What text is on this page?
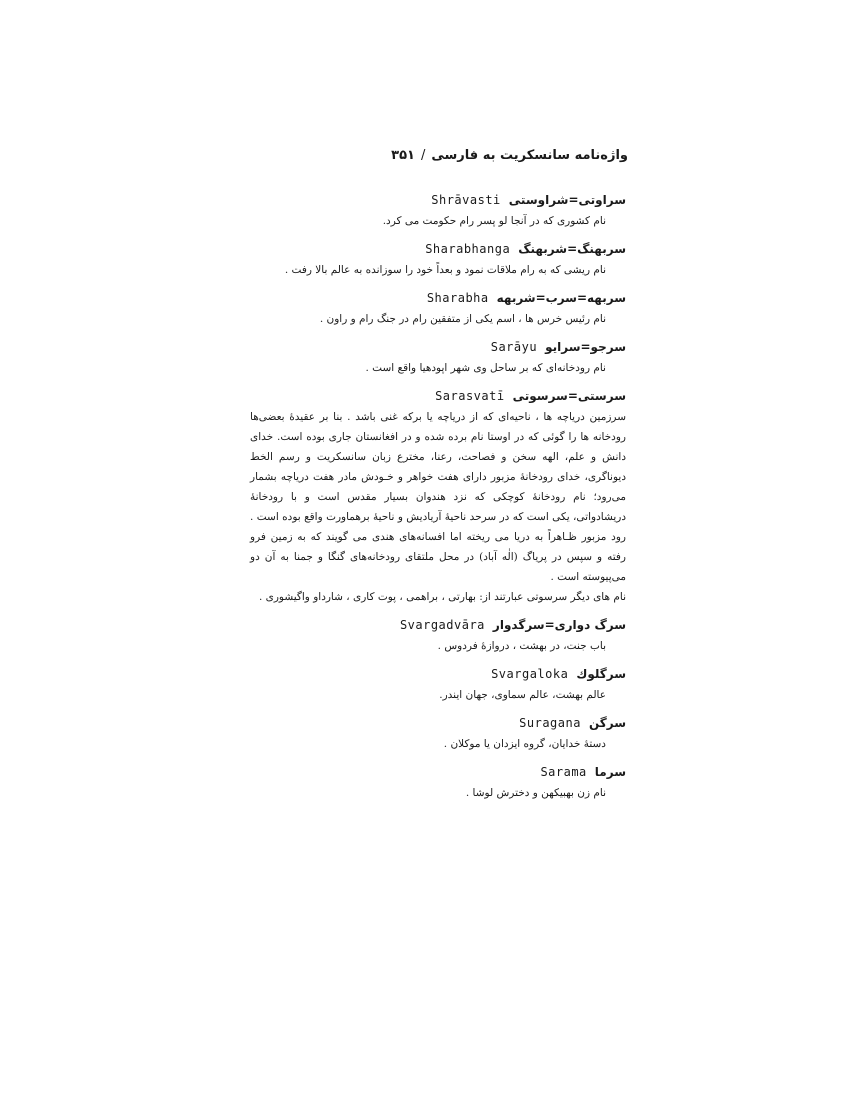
واژه‌نامه سانسکریت به فارسی/۳۵۱
سراوتی=شراوستیShrāvasti

نام کشوری که در آنجا لو پسر رام حکومت می کرد.

سربهنگ=شربهنگSharabhanga

نام ریشی که به رام ملاقات نمود و بعداً خود را سوزانده به عالم بالا رفت .

سربهه=سرب=شربههSharabha

نام رئیس خرس ها ، اسم یکی از متفقین رام در جنگ رام و راون .

سرجو=سرایوSarāyu

نام رودخانه‌ای که بر ساحل وی شهر اپودهیا واقع است .

سرستی=سرسوتیSarasvatī

سرزمین دریاچه ها ، ناحیه‌ای که از دریاچه یا برکه غنی باشد . بنا بر عقیدهٔ بعضی‌ها رودخانه ها را گوئی که در اوستا نام برده شده و در افغانستان جاری بوده است. خدای دانش و علم، الهه سخن و فصاحت، رعنا، مخترع زبان سانسکریت و رسم الخط دیوناگری، خدای رودخانهٔ مزبور دارای هفت خواهر و خـودش مادر هفت دریاچه بشمار می‌رود؛ نام رودخانهٔ کوچکی که نزد هندوان بسیار مقدس است و با رودخانهٔ دریشادواتی، یکی است که در سرحد ناحیهٔ آریادیش و ناحیهٔ برهماورت واقع بوده است . رود مزبور ظـاهراً به دریا می ریخته اما افسانه‌های هندی می گویند که به زمین فرو رفته و سپس در پریاگ (الٰه آباد) در محل ملتقای رودخانه‌های گنگا و جمنا به آن دو می‌پیوسته است .

نام های دیگر سرسوتی عبارتند از: بهارتی ، براهمی ، پوت کاری ، شارداو واگیشوری .

سرگ دواری=سرگدوارSvargadvāra

باب جنت، در بهشت ، دروازهٔ فردوس .

سرگلوكSvargaloka

عالم بهشت، عالم سماوی، جهان ایندر.

سرگنSuragana

دستهٔ خدایان، گروه ایزدان یا موکلان .

سرماSarama

نام زن بهبیکهن و دخترش لوشا .
